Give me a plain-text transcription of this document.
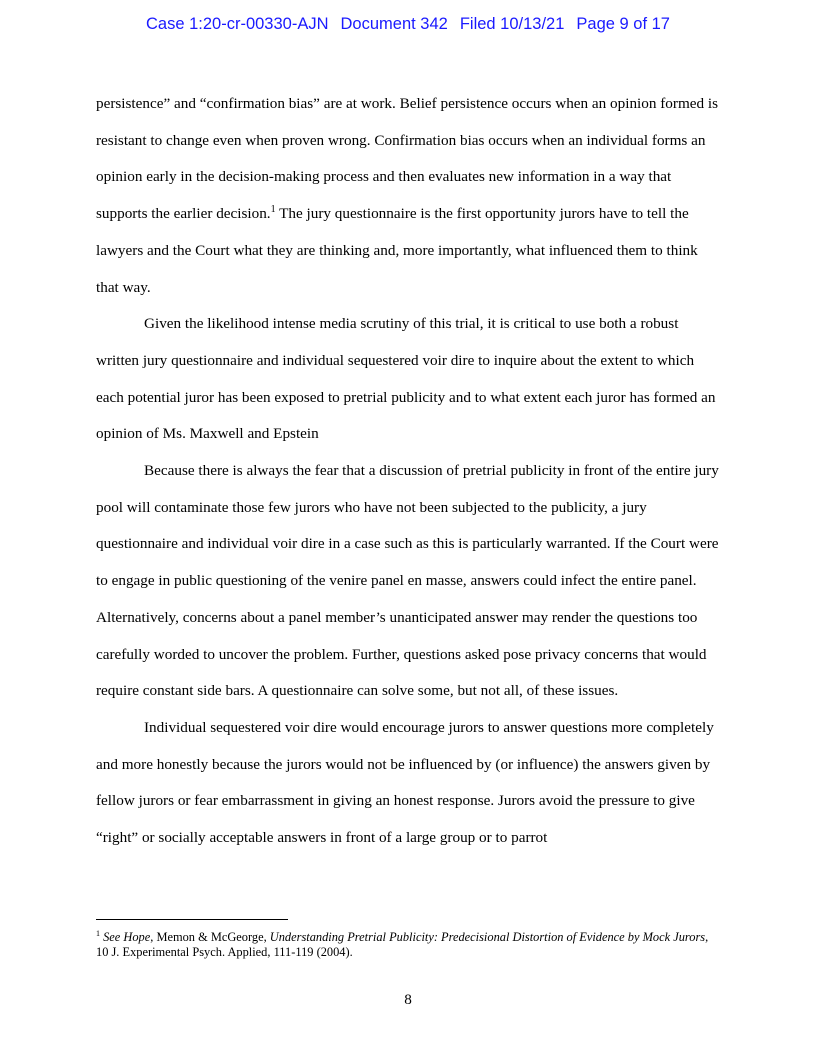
Case 1:20-cr-00330-AJN Document 342 Filed 10/13/21 Page 9 of 17

persistence” and “confirmation bias” are at work. Belief persistence occurs when an opinion formed is resistant to change even when proven wrong. Confirmation bias occurs when an individual forms an opinion early in the decision-making process and then evaluates new information in a way that supports the earlier decision.$^1$ The jury questionnaire is the first opportunity jurors have to tell the lawyers and the Court what they are thinking and, more importantly, what influenced them to think that way.

Given the likelihood intense media scrutiny of this trial, it is critical to use both a robust written jury questionnaire and individual sequestered voir dire to inquire about the extent to which each potential juror has been exposed to pretrial publicity and to what extent each juror has formed an opinion of Ms. Maxwell and Epstein

Because there is always the fear that a discussion of pretrial publicity in front of the entire jury pool will contaminate those few jurors who have not been subjected to the publicity, a jury questionnaire and individual voir dire in a case such as this is particularly warranted. If the Court were to engage in public questioning of the venire panel en masse, answers could infect the entire panel. Alternatively, concerns about a panel member’s unanticipated answer may render the questions too carefully worded to uncover the problem. Further, questions asked pose privacy concerns that would require constant side bars. A questionnaire can solve some, but not all, of these issues.

Individual sequestered voir dire would encourage jurors to answer questions more completely and more honestly because the jurors would not be influenced by (or influence) the answers given by fellow jurors or fear embarrassment in giving an honest response. Jurors avoid the pressure to give “right” or socially acceptable answers in front of a large group or to parrot

$^1$ See Hope, Memon & McGeorge, Understanding Pretrial Publicity: Predecisional Distortion of Evidence by Mock Jurors, 10 J. Experimental Psych. Applied, 111-119 (2004).
8
